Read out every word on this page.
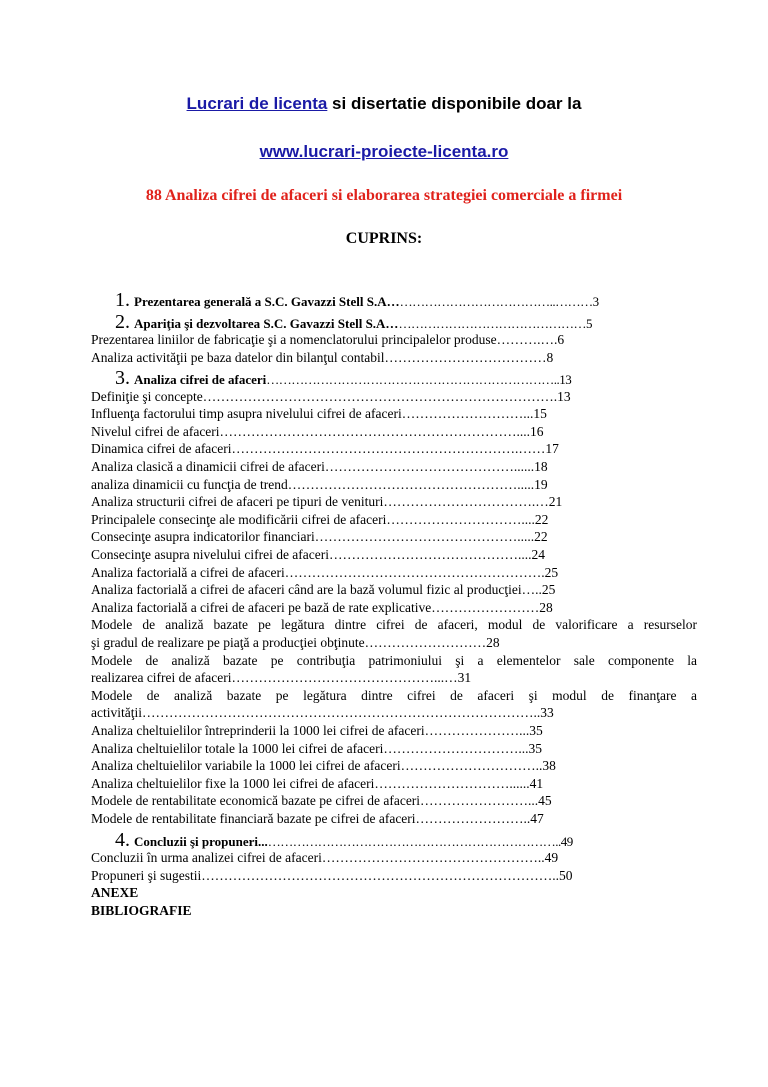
Lucrari de licenta si disertatie disponibile doar la
www.lucrari-proiecte-licenta.ro
88 Analiza cifrei de afaceri si elaborarea strategiei comerciale a firmei
CUPRINS:
1. Prezentarea generală a S.C. Gavazzi Stell S.A…………………………………..………3
2. Apariţia şi dezvoltarea S.C. Gavazzi Stell S.A…………………………………………5
Prezentarea liniilor de fabricaţie şi a nomenclatorului principalelor produse……….….6
Analiza activităţii pe baza datelor din bilanţul contabil………………………………8
3. Analiza cifrei de afaceri……………………………………………………………..13
Definiţie şi concepte…………………………………………………………………….13
Influenţa factorului timp asupra nivelului cifrei de afaceri………………………...15
Nivelul cifrei de afaceri…………………………………………………………....16
Dinamica cifrei de afaceri……………………………………………………….……17
Analiza clasică a dinamicii cifrei de afaceri……………………………………......18
analiza dinamicii cu funcţia de trend…………………………………………….....19
Analiza structurii cifrei de afaceri pe tipuri de venituri…………………………….…21
Principalele consecinţe ale modificării cifrei de afaceri…………………………....22
Consecinţe asupra indicatorilor financiari……………………………………….....22
Consecinţe asupra nivelului cifrei de afaceri……………………………………....24
Analiza factorială a cifrei de afaceri………………………………………………….25
Analiza factorială a cifrei de afaceri când are la bază volumul fizic al producţiei…..25
Analiza factorială a cifrei de afaceri pe bază de rate explicative……………………28
Modele de analiză bazate pe legătura dintre cifrei de afaceri, modul de valorificare a resurselor
şi gradul de realizare pe piaţă a producţiei obţinute………………………28
Modele de analiză bazate pe contribuţia patrimoniului şi a elementelor sale componente la
realizarea cifrei de afaceri………………………………………...…31
Modele de analiză bazate pe legătura dintre cifrei de afaceri şi modul de finanţare a
activităţii……………………………………………………………………………..33
Analiza cheltuielilor întreprinderii la 1000 lei cifrei de afaceri…………………...35
Analiza cheltuielilor totale la 1000 lei cifrei de afaceri…………………………...35
Analiza cheltuielilor variabile la 1000 lei cifrei de afaceri…………………………..38
Analiza cheltuielilor fixe la 1000 lei cifrei de afaceri…………………………......41
Modele de rentabilitate economică bazate pe cifrei de afaceri……………………...45
Modele de rentabilitate financiară bazate pe cifrei de afaceri……………………..47
4. Concluzii şi propuneri...……………………………………………………………..49
Concluzii în urma analizei cifrei de afaceri…………………………………………..49
Propuneri şi sugestii……………………………………………………………………..50
ANEXE
BIBLIOGRAFIE
